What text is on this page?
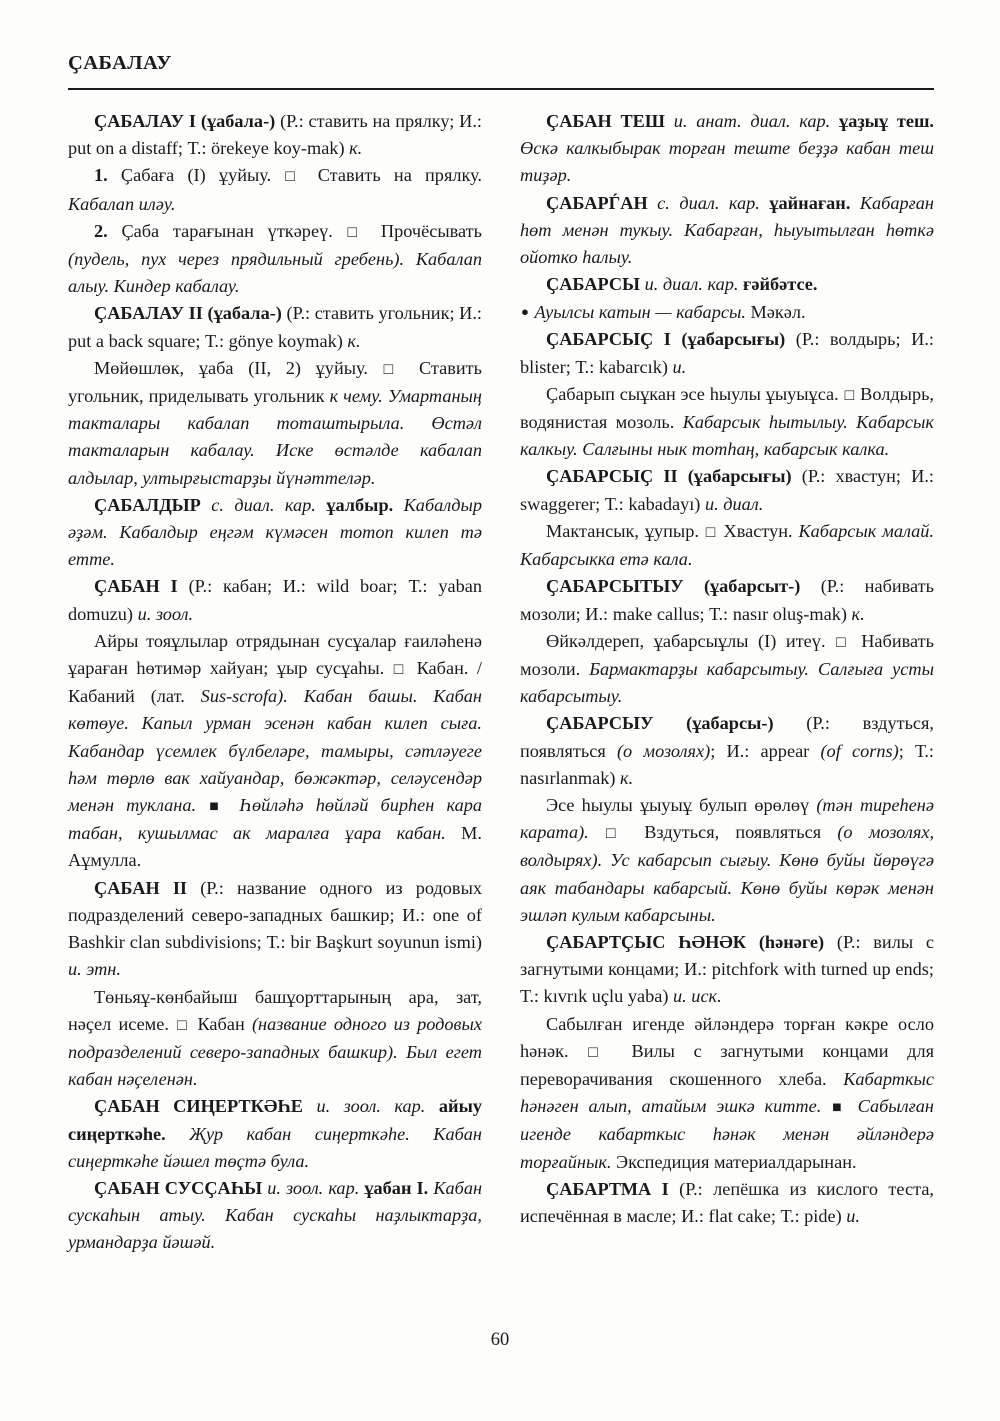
ҪАБАЛАУ

ҪАБАЛАУ I (ұабала-) (Р.: ставить на прялку; И.: put on a distaff; Т.: örekeye koy-mak) к.

1. Ҫабаға (I) ұуйыу. □	Ставить на прялку. Кабалап иләу.

2. Ҫаба тарағынан үткәреү. □	Прочёсывать (пудель, пух через прядильный гребень). Кабалап алыу. Киндер кабалау.

ҪАБАЛАУ II (ұабала-) (Р.: ставить угольник; И.: put a back square; Т.: gönye koymak) к.

Мөйөшлөк, ұаба (II, 2) ұуйыу. □	Ставить угольник, приделывать угольник к чему. Умартаның такталары кабалап тоташтырыла. Өстәл такталарын кабалау. Иске өстәлде кабалап алдылар, ултырғыстарҙы йүнәттеләр.

ҪАБАЛДЫР с. диал. кар. ұалбыр. Кабалдыр әҙәм. Кабалдыр еңгәм күмәсен тотоп килеп тә етте.

ҪАБАН I (Р.: кабан; И.: wild boar; Т.: yaban domuzu) и. зоол.

Айры тояұлылар отрядынан сусұалар ғаиләһенә ұараған һөтимәр хайуан; ұыр сусұаһы. □ Кабан. / Кабаний (лат. Sus-scrofa). Кабан башы. Кабан көтөуе. Капыл урман эсенән кабан килеп сыға. Кабандар үсемлек бүлбеләре, тамыры, сәтләуеге һәм төрлө вак хайуандар, бөжәктәр, селәусендәр менән туклана. ■ Һөйләһә һөйләй бирһен кара табан, кушылмас ак маралға ұара кабан. М. Аұмулла.

ҪАБАН II (Р.: название одного из родовых подразделений северо-западных башкир; И.: one of Bashkir clan subdivisions; Т.: bir Başkurt soyunun ismi) и. этн.

Төньяұ-көнбайыш башұорттарының ара, зат, нәҫел исеме. □ Кабан (название одного из родовых подразделений северо-западных башкир). Был егет кабан нәҫеленән.

ҪАБАН СИҢЕРТКӘҺЕ и. зоол. кар. айыу сиңерткәһе. Җур кабан сиңерткәһе. Кабан сиңерткәһе йәшел төҫтә була.

ҪАБАН СУСҪАҺЫ и. зоол. кар. ұабан I. Кабан сускаһын атыу. Кабан сускаһы наҙлыктарҙа, урмандарҙа йәшәй.

ҪАБАН ТЕШ и. анат. диал. кар. ұаҙыұ теш. Өскә калкыбырак торған теште беҙҙә кабан теш тиҙәр.

ҪАБАРЃАН с. диал. кар. ұайнаған. Кабарған һөт менән тукыу. Кабарған, һыуытылған һөткә ойотко һалыу.

ҪАБАРСЫ и. диал. кар. ғәйбәтсе.

● Ауылсы катын — кабарсы. Мәкәл.

ҪАБАРСЫҪ I (ұабарсығы) (Р.: волдырь; И.: blister; Т.: kabarcık) и.

Ҫабарып сыұкан эсе һыулы ұыуыұса. □ Волдырь, водянистая мозоль. Кабарсык һытылыу. Кабарсык калкыу. Салғыны нык тотһаң, кабарсык калка.

ҪАБАРСЫҪ II (ұабарсығы) (Р.: хвастун; И.: swaggerer; Т.: kabadayı) и. диал.

Мактансык, ұупыр. □ Хвастун. Кабарсык малай. Кабарсыкка етә кала.

ҪАБАРСЫТЫУ (ұабарсыт-) (Р.: набивать мозоли; И.: make callus; Т.: nasır oluş-mak) к.

Өйкәлдереп, ұабарсыұлы (I) итеү. □ Набивать мозоли. Бармактарҙы кабарсытыу. Салғыға усты кабарсытыу.

ҪАБАРСЫУ (ұабарсы-) (Р.: вздуться, появляться (о мозолях); И.: appear (of corns); Т.: nasırlanmak) к.

Эсе һыулы ұыуыұ булып өрөлөү (тән тиреһенә карата). □	Вздуться, появляться (о мозолях, волдырях). Ус кабарсып сығыу. Көнө буйы йөрөүгә аяк табандары кабарсый. Көнө буйы көрәк менән эшләп кулым кабарсыны.

ҪАБАРТҪЫС ҺӘНӘК (һәнәге) (Р.: вилы с загнутыми концами; И.: pitchfork with turned up ends; Т.: kıvrık uçlu yaba) и. иск.

Сабылған игенде әйләндерә торған кәкре осло һәнәк. □	Вилы с загнутыми концами для переворачивания скошенного хлеба. Кабарткыс һәнәген алып, атайым эшкә китте. ■ Сабылған игенде кабарткыс һәнәк менән әйләндерә торғайнык. Экспедиция материалдарынан.

ҪАБАРТМА I (Р.: лепёшка из кислого теста, испечённая в масле; И.: flat cake; Т.: pide) и.

60
